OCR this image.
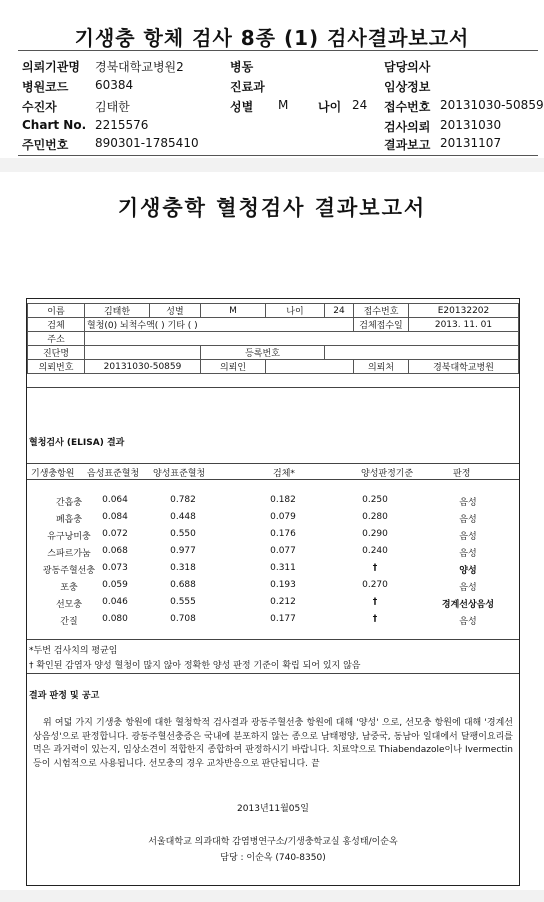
기생충 항체 검사 8종 (1) 검사결과보고서
의뢰기관명 경북대학교병원2
병원코드 60384
수진자	김태한
Chart No. 2215576
주민번호 890301-1785410
병동
진료과
성별 M 나이 24
담당의사
임상정보
접수번호 20131030-50859
검사의뢰 20131030
결과보고 20131107
기생충학 혈청검사 결과보고서
이름	김태한	성별	M	나이	24	접수번호	E20132202
검체	혈청(0) 뇌척수액( ) 기타 ( )					검체접수일	2013. 11. 01
주소							
진단명			등록번호				
의뢰번호	20131030-50859		의뢰인			의뢰처	경북대학교병원
혈청검사 (ELISA) 결과
기생충항원 음성표준혈청 양성표준혈청	검체*	양성판정기준	판정
간흡충	0.064	0.782	0.182	0.250	음성
폐흡충	0.084	0.448	0.079	0.280	음성
유구낭미충	0.072	0.550	0.176	0.290	음성
스파르가눔	0.068	0.977	0.077	0.240	음성
광동주혈선충 0.073	0.318	0.311	†	양성
포충	0.059	0.688	0.193	0.270	음성
선모충	0.046	0.555	0.212	†	경계선상음성
간질	0.080	0.708	0.177	†	음성
*두번 검사치의 평균임
† 확인된 감염자 양성 혈청이 많지 않아 정확한 양성 판정 기준이 확립 되어 있지 않음
결과 판정 및 공고
위 여덟 가지 기생충 항원에 대한 혈청학적 검사결과 광동주혈선충 항원에 대해 '양성' 으로, 선모충 항원에 대해 '경계선상음성'으로 판정합니다. 광동주혈선충증은 국내에 분포하지 않는 종으로 남태평양, 남중국, 동남아 일대에서 달팽이요리를 먹은 과거력이 있는지, 임상소견이 적합한지 종합하여 판정하시기 바랍니다. 치료약으로 Thiabendazole이나 Ivermectin 등이 시험적으로 사용됩니다. 선모충의 경우 교차반응으로 판단됩니다. 끝
2013년11월05일
서울대학교 의과대학 감염병연구소/기생충학교실 홍성태/이순옥
담당 : 이순옥 (740-8350)
